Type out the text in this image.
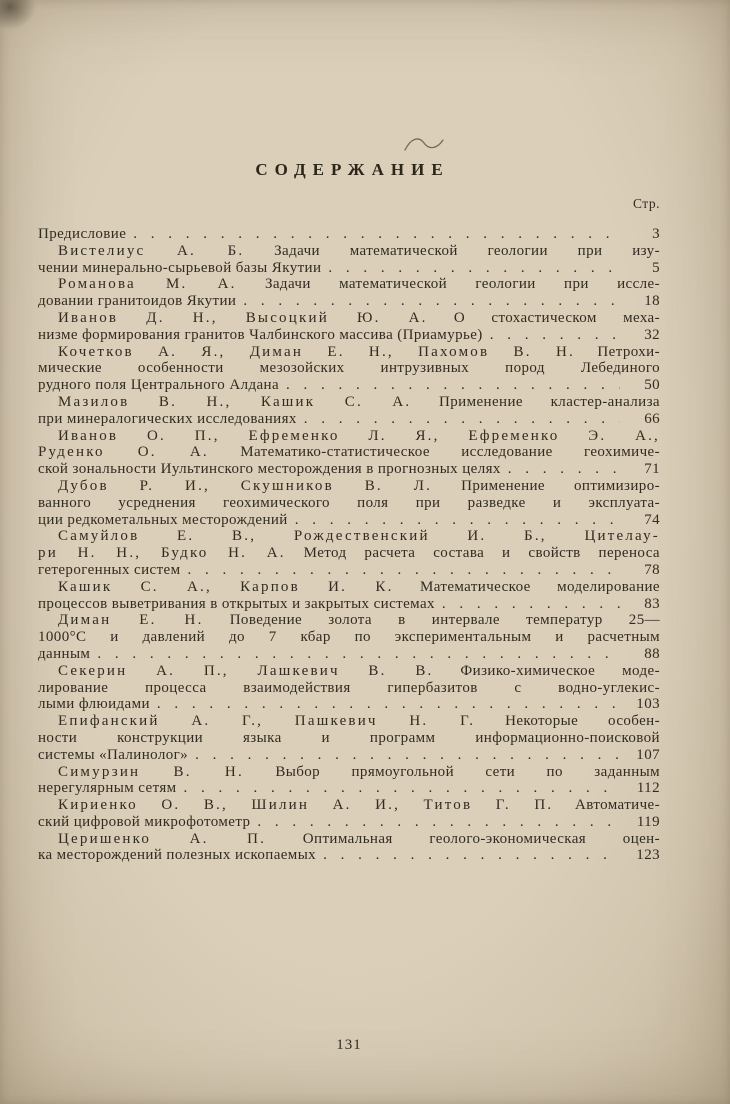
СОДЕРЖАНИЕ
Стр.
Предисловие . . .	3
Вистелиус А. Б. Задачи математической геологии при изу-
чении минерально-сырьевой базы Якутии . . .	5
Романова М. А. Задачи математической геологии при иссле-
довании гранитоидов Якутии . . .	18
Иванов Д. Н., Высоцкий Ю. А. О стохастическом меха-
низме формирования гранитов Чалбинского массива (Приамурье) . . .	32
Кочетков А. Я., Диман Е. Н., Пахомов В. Н. Петрохи-
мические особенности мезозойских интрузивных пород Лебединого
рудного поля Центрального Алдана . . .	50
Мазилов В. Н., Кашик С. А. Применение кластер-анализа
при минералогических исследованиях . . .	66
Иванов О. П., Ефременко Л. Я., Ефременко Э. А.,
Руденко О. А. Математико-статистическое исследование геохимиче-
ской зональности Иультинского месторождения в прогнозных целях . . .	71
Дубов Р. И., Скушников В. Л. Применение оптимизиро-
ванного усреднения геохимического поля при разведке и эксплуата-
ции редкометальных месторождений . . .	74
Самуйлов Е. В., Рождественский И. Б., Цителау-
ри Н. Н., Будко Н. А. Метод расчета состава и свойств переноса
гетерогенных систем . . .	78
Кашик С. А., Карпов И. К. Математическое моделирование
процессов выветривания в открытых и закрытых системах . . .	83
Диман Е. Н. Поведение золота в интервале температур 25—
1000°С и давлений до 7 кбар по экспериментальным и расчетным
данным . . .	88
Секерин А. П., Лашкевич В. В. Физико-химическое моде-
лирование процесса взаимодействия гипербазитов с водно-углекис-
лыми флюидами . . .	103
Епифанский А. Г., Пашкевич Н. Г. Некоторые особен-
ности конструкции языка и программ информационно-поисковой
системы «Палинолог» . . .	107
Симурзин В. Н. Выбор прямоугольной сети по заданным
нерегулярным сетям . . .	112
Кириенко О. В., Шилин А. И., Титов Г. П. Автоматиче-
ский цифровой микрофотометр . . .	119
Церишенко А. П. Оптимальная геолого-экономическая оцен-
ка месторождений полезных ископаемых . . .	123
131
